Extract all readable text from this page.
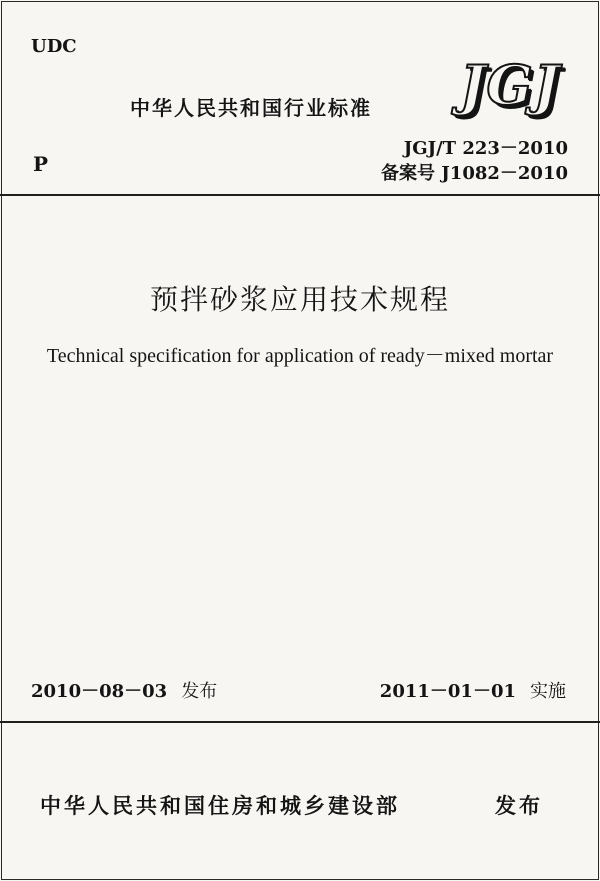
UDC
中华人民共和国行业标准 JGJ
P
JGJ/T 223－2010
备案号 J1082－2010
预拌砂浆应用技术规程
Technical specification for application of ready－mixed mortar
2010－08－03 发布	2011－01－01 实施
中华人民共和国住房和城乡建设部	发布
